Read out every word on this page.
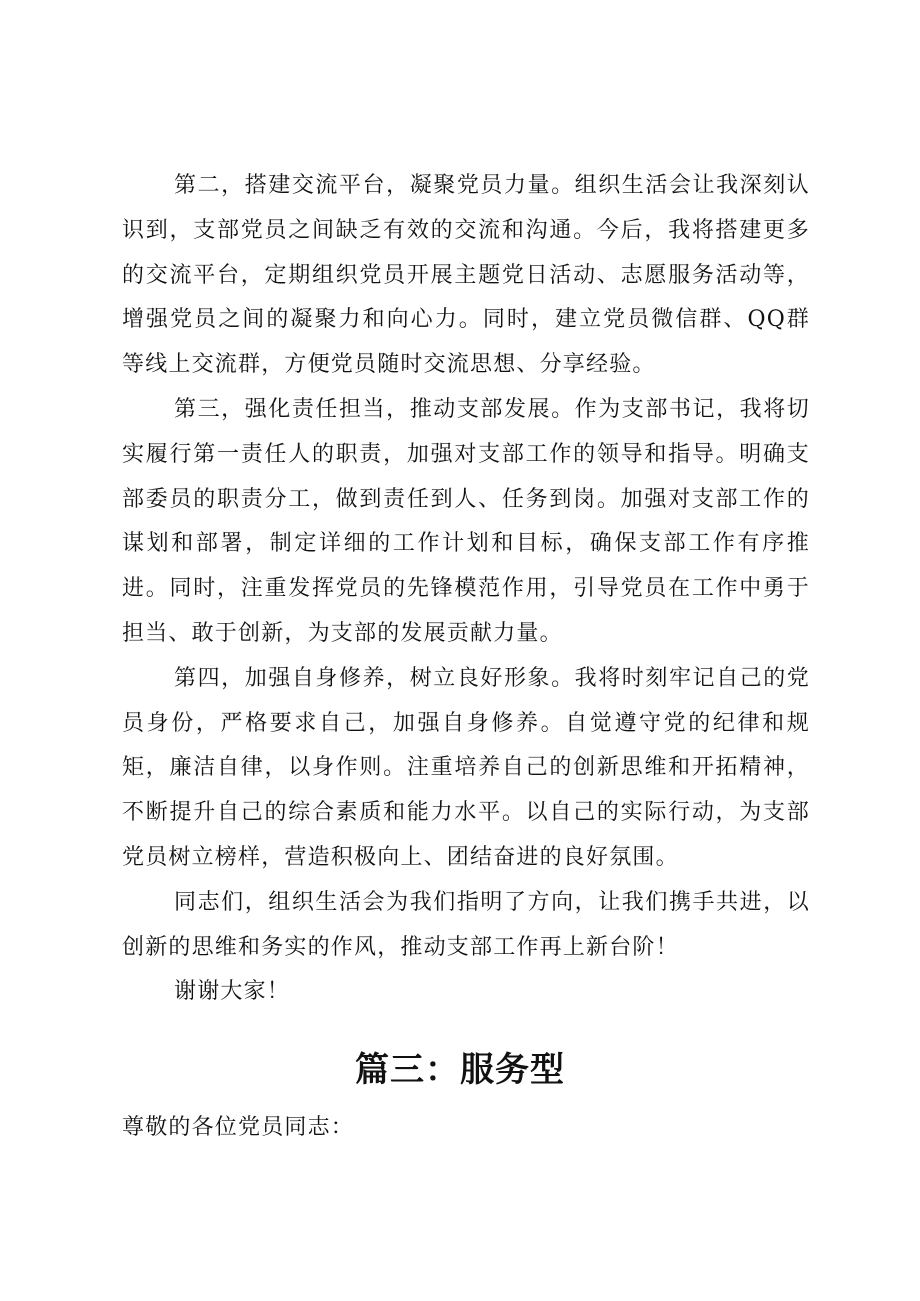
第二，搭建交流平台，凝聚党员力量。组织生活会让我深刻认识到，支部党员之间缺乏有效的交流和沟通。今后，我将搭建更多的交流平台，定期组织党员开展主题党日活动、志愿服务活动等，增强党员之间的凝聚力和向心力。同时，建立党员微信群、QQ群等线上交流群，方便党员随时交流思想、分享经验。

第三，强化责任担当，推动支部发展。作为支部书记，我将切实履行第一责任人的职责，加强对支部工作的领导和指导。明确支部委员的职责分工，做到责任到人、任务到岗。加强对支部工作的谋划和部署，制定详细的工作计划和目标，确保支部工作有序推进。同时，注重发挥党员的先锋模范作用，引导党员在工作中勇于担当、敢于创新，为支部的发展贡献力量。

第四，加强自身修养，树立良好形象。我将时刻牢记自己的党员身份，严格要求自己，加强自身修养。自觉遵守党的纪律和规矩，廉洁自律，以身作则。注重培养自己的创新思维和开拓精神，不断提升自己的综合素质和能力水平。以自己的实际行动，为支部党员树立榜样，营造积极向上、团结奋进的良好氛围。

同志们，组织生活会为我们指明了方向，让我们携手共进，以创新的思维和务实的作风，推动支部工作再上新台阶！

谢谢大家！

篇三：服务型

尊敬的各位党员同志：
